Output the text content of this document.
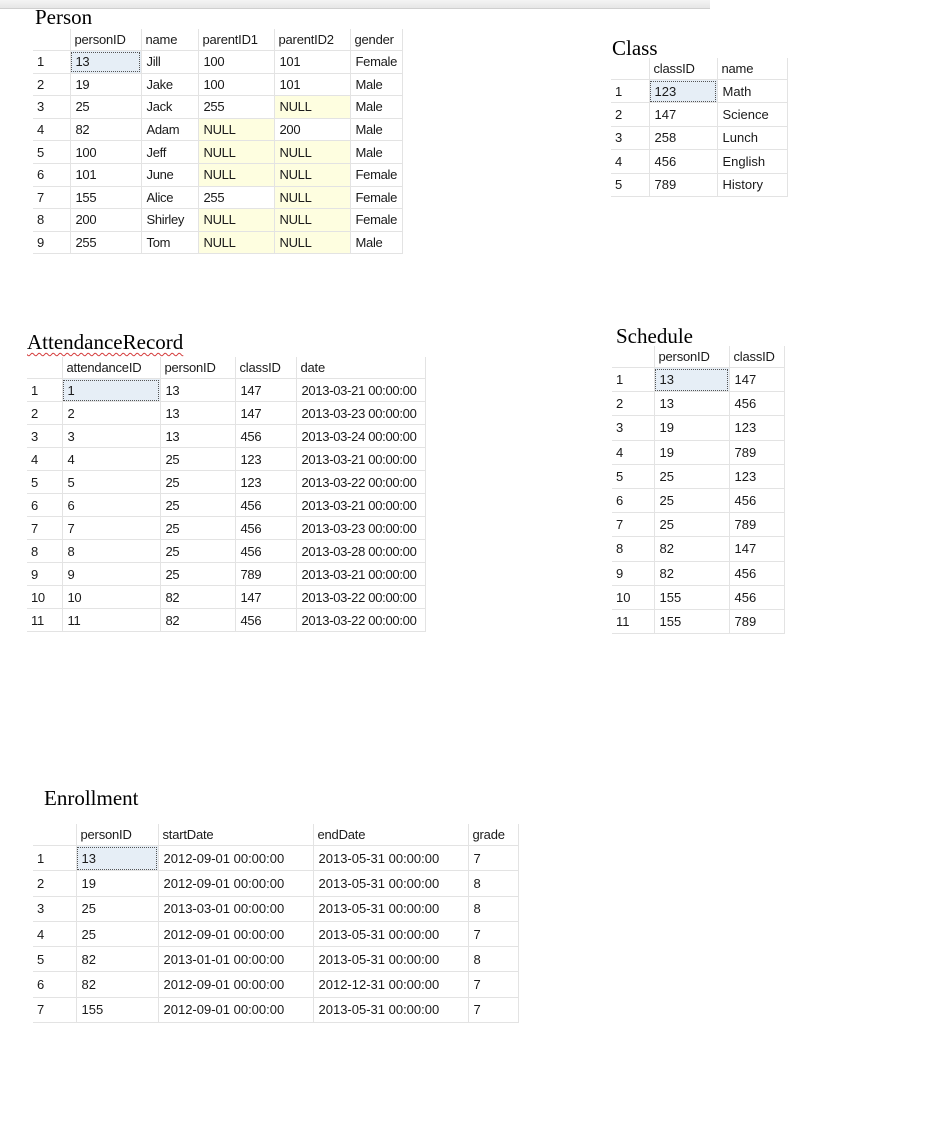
Person
Class
AttendanceRecord	Schedule
Enrollment
	personID	name	parentID1	parentID2	gender
1	13	Jill	100	101	Female
2	19	Jake	100	101	Male
3	25	Jack	255	NULL	Male
4	82	Adam	NULL	200	Male
5	100	Jeff	NULL	NULL	Male
6	101	June	NULL	NULL	Female
7	155	Alice	255	NULL	Female
8	200	Shirley	NULL	NULL	Female
9	255	Tom	NULL	NULL	Male
	classID	name
1	123	Math
2	147	Science
3	258	Lunch
4	456	English
5	789	History
	attendanceID	personID	classID	date
1	1	13	147	2013-03-21 00:00:00
2	2	13	147	2013-03-23 00:00:00
3	3	13	456	2013-03-24 00:00:00
4	4	25	123	2013-03-21 00:00:00
5	5	25	123	2013-03-22 00:00:00
6	6	25	456	2013-03-21 00:00:00
7	7	25	456	2013-03-23 00:00:00
8	8	25	456	2013-03-28 00:00:00
9	9	25	789	2013-03-21 00:00:00
10	10	82	147	2013-03-22 00:00:00
11	11	82	456	2013-03-22 00:00:00
	personID	classID
1	13	147
2	13	456
3	19	123
4	19	789
5	25	123
6	25	456
7	25	789
8	82	147
9	82	456
10	155	456
11	155	789
	personID	startDate	endDate	grade
1	13	2012-09-01 00:00:00	2013-05-31 00:00:00	7
2	19	2012-09-01 00:00:00	2013-05-31 00:00:00	8
3	25	2013-03-01 00:00:00	2013-05-31 00:00:00	8
4	25	2012-09-01 00:00:00	2013-05-31 00:00:00	7
5	82	2013-01-01 00:00:00	2013-05-31 00:00:00	8
6	82	2012-09-01 00:00:00	2012-12-31 00:00:00	7
7	155	2012-09-01 00:00:00	2013-05-31 00:00:00	7
